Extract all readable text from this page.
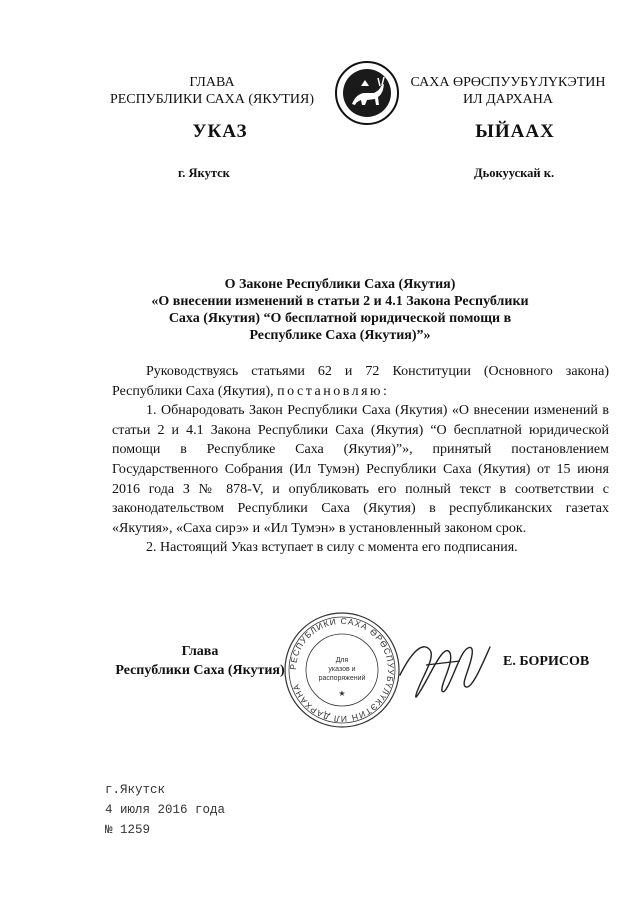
ГЛАВА
РЕСПУБЛИКИ САХА (ЯКУТИЯ)
САХА ӨРӨСПУУБҮЛҮКЭТИН
ИЛ ДАРХАНА
УКАЗ	ЫЙААХ
г. Якутск	Дьокуускай к.
О Законе Республики Саха (Якутия)
«О внесении изменений в статьи 2 и 4.1 Закона Республики
Саха (Якутия) “О бесплатной юридической помощи в
Республике Саха (Якутия)”»

Руководствуясь статьями 62 и 72 Конституции (Основного закона) Республики Саха (Якутия), постановляю:

1. Обнародовать Закон Республики Саха (Якутия) «О внесении изменений в статьи 2 и 4.1 Закона Республики Саха (Якутия) “О бесплатной юридической помощи в Республике Саха (Якутия)”», принятый постановлением Государственного Собрания (Ил Тумэн) Республики Саха (Якутия) от 15 июня 2016 года З № 878-V, и опубликовать его полный текст в соответствии с законодательством Республики Саха (Якутия) в республиканских газетах «Якутия», «Саха сирэ» и «Ил Тумэн» в установленный законом срок.

2. Настоящий Указ вступает в силу с момента его подписания.

Глава
Республики Саха (Якутия) РЕСПУБЛИКИ САХА ӨРӨСПУУБҮЛҮКЭТИН ИЛ ДАРХАНА
Для
указов и
распоряжений
★
Е. БОРИСОВ
г.Якутск
4 июля 2016 года
№ 1259
